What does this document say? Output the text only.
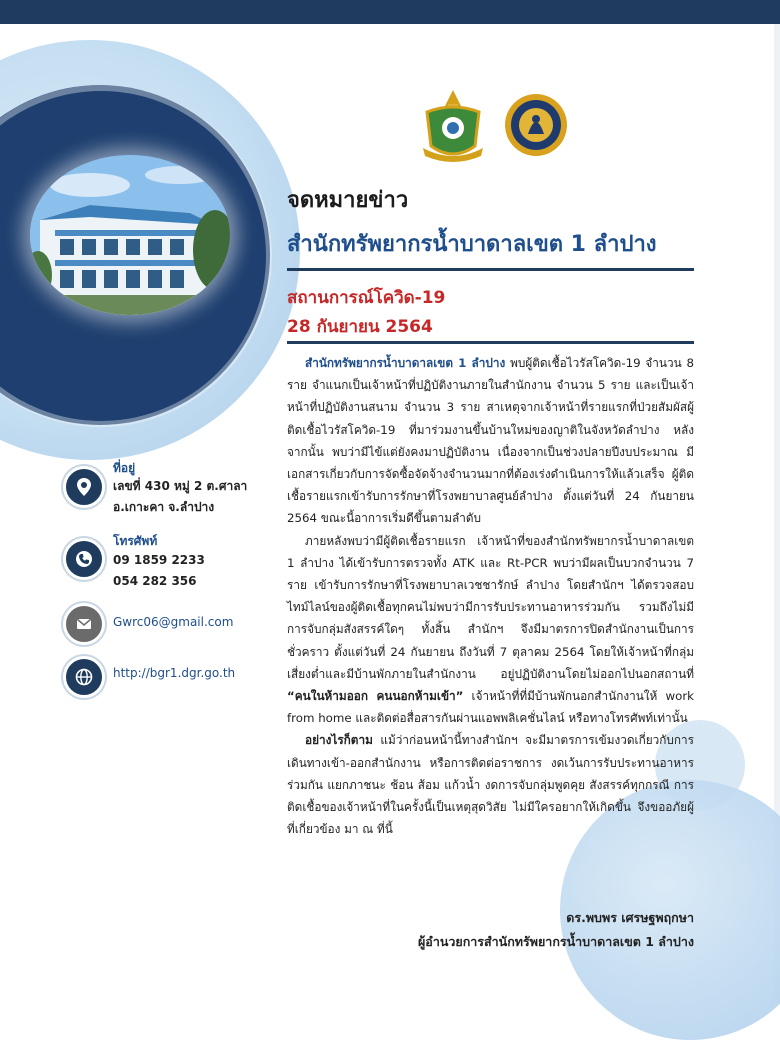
จดหมายข่าว
สำนักทรัพยากรน้ำบาดาลเขต 1 ลำปาง
สถานการณ์โควิด-19
28 กันยายน 2564

สำนักทรัพยากรน้ำบาดาลเขต 1 ลำปาง พบผู้ติดเชื้อไวรัสโควิด-19 จำนวน 8 ราย จำแนกเป็นเจ้าหน้าที่ปฏิบัติงานภายในสำนักงาน จำนวน 5 ราย และเป็นเจ้าหน้าที่ปฏิบัติงานสนาม จำนวน 3 ราย สาเหตุจากเจ้าหน้าที่รายแรกที่ป่วยสัมผัสผู้ติดเชื้อไวรัสโควิด-19 ที่มาร่วมงานขึ้นบ้านใหม่ของญาติในจังหวัดลำปาง หลังจากนั้น พบว่ามีไข้แต่ยังคงมาปฏิบัติงาน เนื่องจากเป็นช่วงปลายปีงบประมาณ มีเอกสารเกี่ยวกับการจัดซื้อจัดจ้างจำนวนมากที่ต้องเร่งดำเนินการให้แล้วเสร็จ ผู้ติดเชื้อรายแรกเข้ารับการรักษาที่โรงพยาบาลศูนย์ลำปาง ตั้งแต่วันที่ 24 กันยายน 2564 ขณะนี้อาการเริ่มดีขึ้นตามลำดับ

ภายหลังพบว่ามีผู้ติดเชื้อรายแรก เจ้าหน้าที่ของสำนักทรัพยากรน้ำบาดาลเขต 1 ลำปาง ได้เข้ารับการตรวจทั้ง ATK และ Rt-PCR พบว่ามีผลเป็นบวกจำนวน 7 ราย เข้ารับการรักษาที่โรงพยาบาลเวชชารักษ์ ลำปาง โดยสำนักฯ ได้ตรวจสอบไทม์ไลน์ของผู้ติดเชื้อทุกคนไม่พบว่ามีการรับประทานอาหารร่วมกัน รวมถึงไม่มีการจับกลุ่มสังสรรค์ใดๆ ทั้งสิ้น สำนักฯ จึงมีมาตรการปิดสำนักงานเป็นการชั่วคราว ตั้งแต่วันที่ 24 กันยายน ถึงวันที่ 7 ตุลาคม 2564 โดยให้เจ้าหน้าที่กลุ่มเสี่ยงต่ำและมีบ้านพักภายในสำนักงาน อยู่ปฏิบัติงานโดยไม่ออกไปนอกสถานที่ “คนในห้ามออก คนนอกห้ามเข้า” เจ้าหน้าที่ที่มีบ้านพักนอกสำนักงานให้ work from home และติดต่อสื่อสารกันผ่านแอพพลิเคชั่นไลน์ หรือทางโทรศัพท์เท่านั้น

อย่างไรก็ตาม แม้ว่าก่อนหน้านี้ทางสำนักฯ จะมีมาตรการเข้มงวดเกี่ยวกับการเดินทางเข้า-ออกสำนักงาน หรือการติดต่อราชการ งดเว้นการรับประทานอาหารร่วมกัน แยกภาชนะ ช้อน ส้อม แก้วน้ำ งดการจับกลุ่มพูดคุย สังสรรค์ทุกกรณี การติดเชื้อของเจ้าหน้าที่ในครั้งนี้เป็นเหตุสุดวิสัย ไม่มีใครอยากให้เกิดขึ้น จึงขออภัยผู้ที่เกี่ยวข้อง มา ณ ที่นี้

ดร.พบพร เศรษฐพฤกษา
ผู้อำนวยการสำนักทรัพยากรน้ำบาดาลเขต 1 ลำปาง
ที่อยู่
เลขที่ 430 หมู่ 2 ต.ศาลา
อ.เกาะคา จ.ลำปาง
โทรศัพท์
09 1859 2233
054 282 356
Gwrc06@gmail.com
http://bgr1.dgr.go.th
